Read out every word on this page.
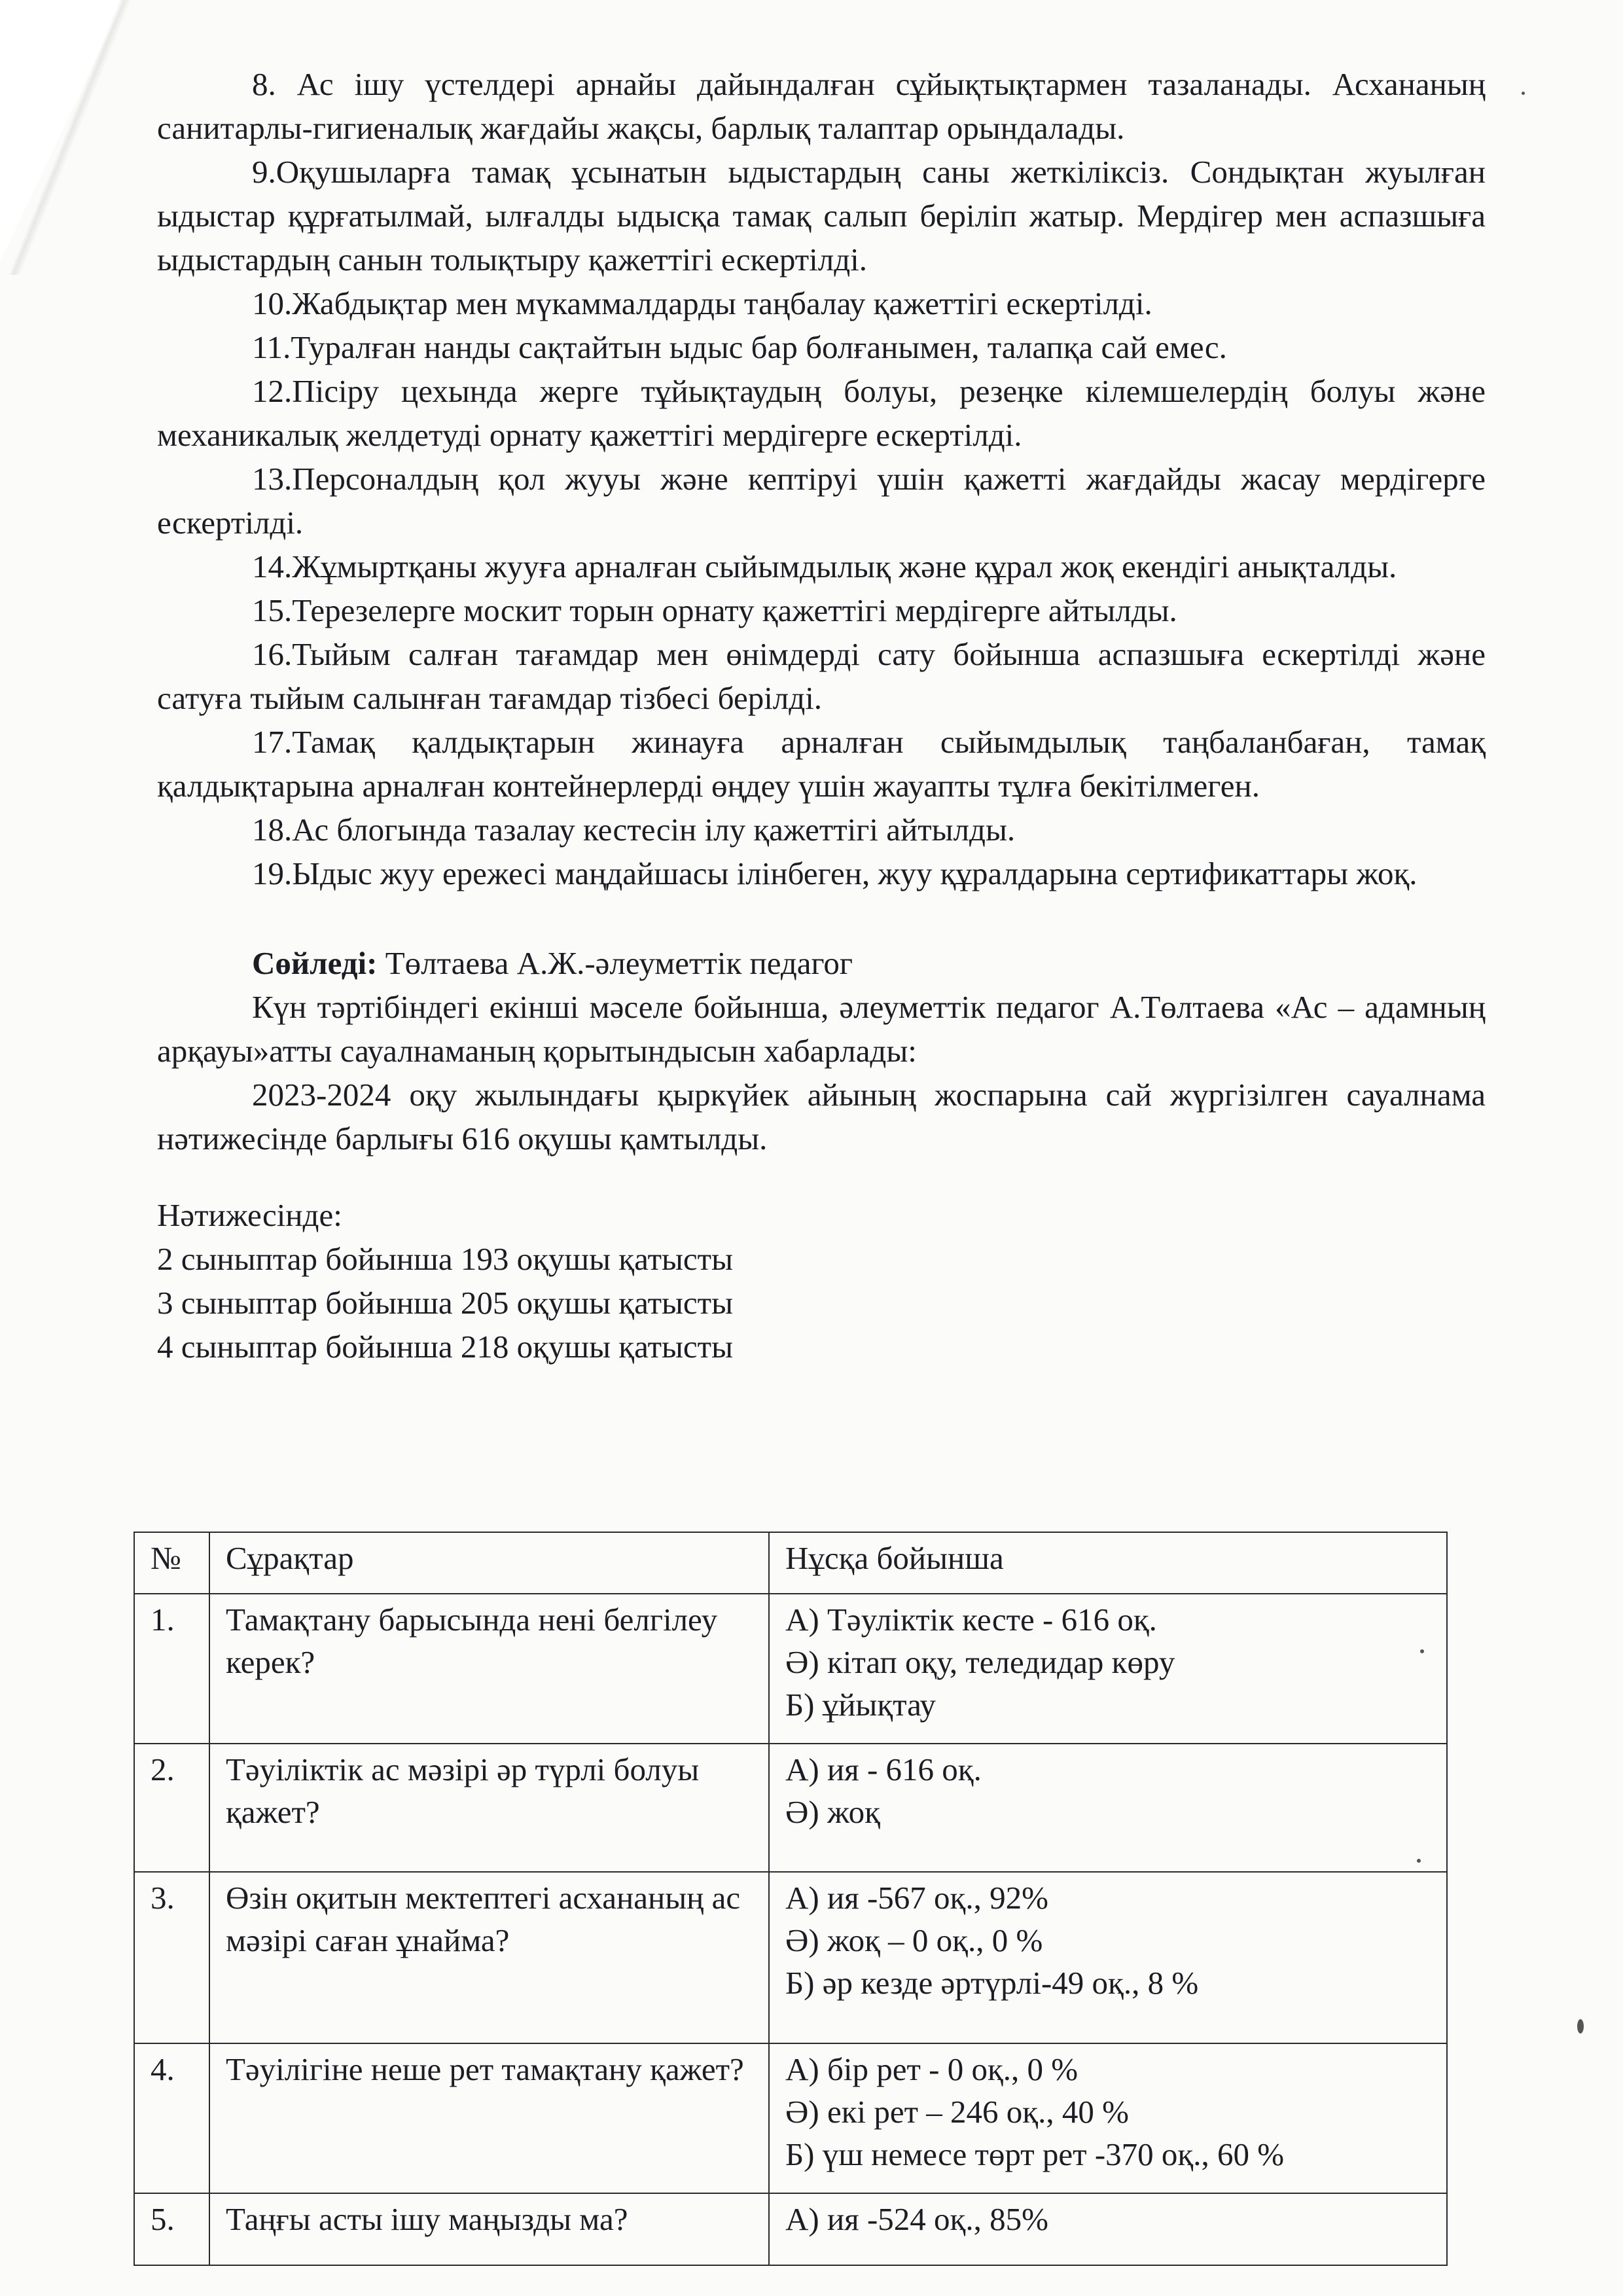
8. Ас ішу үстелдері арнайы дайындалған сұйықтықтармен тазаланады. Асхананың санитарлы-гигиеналық жағдайы жақсы, барлық талаптар орындалады.

9.Оқушыларға тамақ ұсынатын ыдыстардың саны жеткіліксіз. Сондықтан жуылған ыдыстар құрғатылмай, ылғалды ыдысқа тамақ салып беріліп жатыр. Мердігер мен аспазшыға ыдыстардың санын толықтыру қажеттігі ескертілді.

10.Жабдықтар мен мүкаммалдарды таңбалау қажеттігі ескертілді.

11.Туралған нанды сақтайтын ыдыс бар болғанымен, талапқа сай емес.

12.Пісіру цехында жерге тұйықтаудың болуы, резеңке кілемшелердің болуы және механикалық желдетуді орнату қажеттігі мердігерге ескертілді.

13.Персоналдың қол жууы және кептіруі үшін қажетті жағдайды жасау мердігерге ескертілді.

14.Жұмыртқаны жууға арналған сыйымдылық және құрал жоқ екендігі анықталды.

15.Терезелерге москит торын орнату қажеттігі мердігерге айтылды.

16.Тыйым салған тағамдар мен өнімдерді сату бойынша аспазшыға ескертілді және сатуға тыйым салынған тағамдар тізбесі берілді.

17.Тамақ қалдықтарын жинауға арналған сыйымдылық таңбаланбаған, тамақ қалдықтарына арналған контейнерлерді өңдеу үшін жауапты тұлға бекітілмеген.

18.Ас блогында тазалау кестесін ілу қажеттігі айтылды.

19.Ыдыс жуу ережесі маңдайшасы ілінбеген, жуу құралдарына сертификаттары жоқ.

Сөйледі: Төлтаева А.Ж.-әлеуметтік педагог

Күн тәртібіндегі екінші мәселе бойынша, әлеуметтік педагог А.Төлтаева «Ас – адамның арқауы»атты сауалнаманың қорытындысын хабарлады:

2023-2024 оқу жылындағы қыркүйек айының жоспарына сай жүргізілген сауалнама нәтижесінде барлығы 616 оқушы қамтылды.

Нәтижесінде:

2 сыныптар бойынша 193 оқушы қатысты

3 сыныптар бойынша 205 оқушы қатысты

4 сыныптар бойынша 218 оқушы қатысты

№	Сұрақтар	Нұсқа бойынша
1.	Тамақтану барысында нені белгілеу керек?	А) Тәуліктік кесте - 616 оқ.
Ә) кітап оқу, теледидар көру
Б) ұйықтау

2.	Тәуіліктік ас мәзірі әр түрлі болуы қажет?	А) ия - 616 оқ.
Ә) жоқ

3.	Өзін оқитын мектептегі асхананың ас мәзірі саған ұнайма?	А) ия -567 оқ., 92%
Ә) жоқ – 0 оқ., 0 %
Б) әр кезде әртүрлі-49 оқ., 8 %

4.	Тәуілігіне неше рет тамақтану қажет?	А) бір рет - 0 оқ., 0 %
Ә) екі рет – 246 оқ., 40 %
Б) үш немесе төрт рет -370 оқ., 60 %

5.	Таңғы асты ішу маңызды ма?	А) ия -524 оқ., 85%
